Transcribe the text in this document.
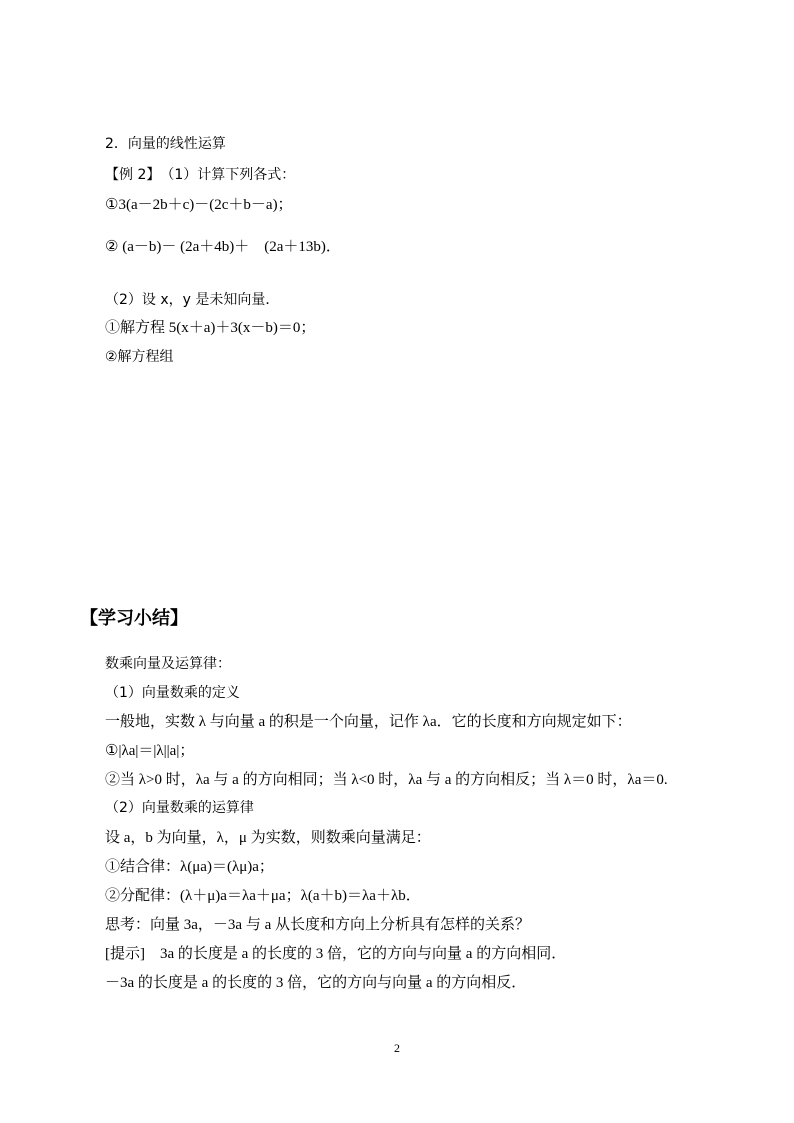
2．向量的线性运算
【例 2】　（1）计算下列各式：
①3(a－2b＋c)－(2c＋b－a)；
② (a－b)－ (2a＋4b)＋　(2a＋13b)．
（2）设 x，y 是未知向量．
①解方程 5(x＋a)＋3(x－b)＝0；
②解方程组
【学习小结】
数乘向量及运算律：
（1）向量数乘的定义
一般地，实数 λ 与向量 a 的积是一个向量，记作 λa．它的长度和方向规定如下：
①|λa|＝|λ||a|；
②当 λ>0 时，λa 与 a 的方向相同；当 λ<0 时，λa 与 a 的方向相反；当 λ＝0 时，λa＝0.
（2）向量数乘的运算律
设 a，b 为向量，λ，μ 为实数，则数乘向量满足：
①结合律：λ(μa)＝(λμ)a；
②分配律：(λ＋μ)a＝λa＋μa；λ(a＋b)＝λa＋λb．
思考：向量 3a，－3a 与 a 从长度和方向上分析具有怎样的关系？
[提示]　3a 的长度是 a 的长度的 3 倍，它的方向与向量 a 的方向相同．
－3a 的长度是 a 的长度的 3 倍，它的方向与向量 a 的方向相反．
2
